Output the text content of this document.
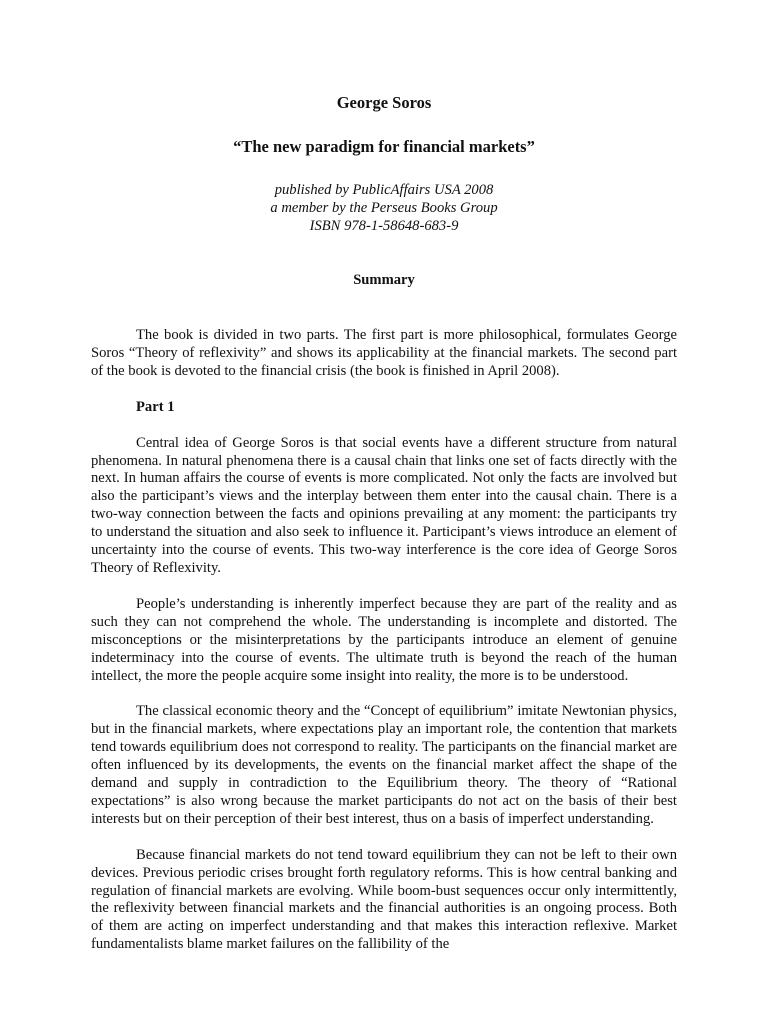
George Soros
“The new paradigm for financial markets”
published by PublicAffairs USA 2008
a member by the Perseus Books Group
ISBN 978-1-58648-683-9
Summary

The book is divided in two parts. The first part is more philosophical, formulates George Soros “Theory of reflexivity” and shows its applicability at the financial markets. The second part of the book is devoted to the financial crisis (the book is finished in April 2008).

Part 1

Central idea of George Soros is that social events have a different structure from natural phenomena. In natural phenomena there is a causal chain that links one set of facts directly with the next. In human affairs the course of events is more complicated. Not only the facts are involved but also the participant’s views and the interplay between them enter into the causal chain. There is a two-way connection between the facts and opinions prevailing at any moment: the participants try to understand the situation and also seek to influence it. Participant’s views introduce an element of uncertainty into the course of events. This two-way interference is the core idea of George Soros Theory of Reflexivity.

People’s understanding is inherently imperfect because they are part of the reality and as such they can not comprehend the whole. The understanding is incomplete and distorted. The misconceptions or the misinterpretations by the participants introduce an element of genuine indeterminacy into the course of events. The ultimate truth is beyond the reach of the human intellect, the more the people acquire some insight into reality, the more is to be understood.

The classical economic theory and the “Concept of equilibrium” imitate Newtonian physics, but in the financial markets, where expectations play an important role, the contention that markets tend towards equilibrium does not correspond to reality. The participants on the financial market are often influenced by its developments, the events on the financial market affect the shape of the demand and supply in contradiction to the Equilibrium theory. The theory of “Rational expectations” is also wrong because the market participants do not act on the basis of their best interests but on their perception of their best interest, thus on a basis of imperfect understanding.

Because financial markets do not tend toward equilibrium they can not be left to their own devices. Previous periodic crises brought forth regulatory reforms. This is how central banking and regulation of financial markets are evolving. While boom-bust sequences occur only intermittently, the reflexivity between financial markets and the financial authorities is an ongoing process. Both of them are acting on imperfect understanding and that makes this interaction reflexive. Market fundamentalists blame market failures on the fallibility of the
